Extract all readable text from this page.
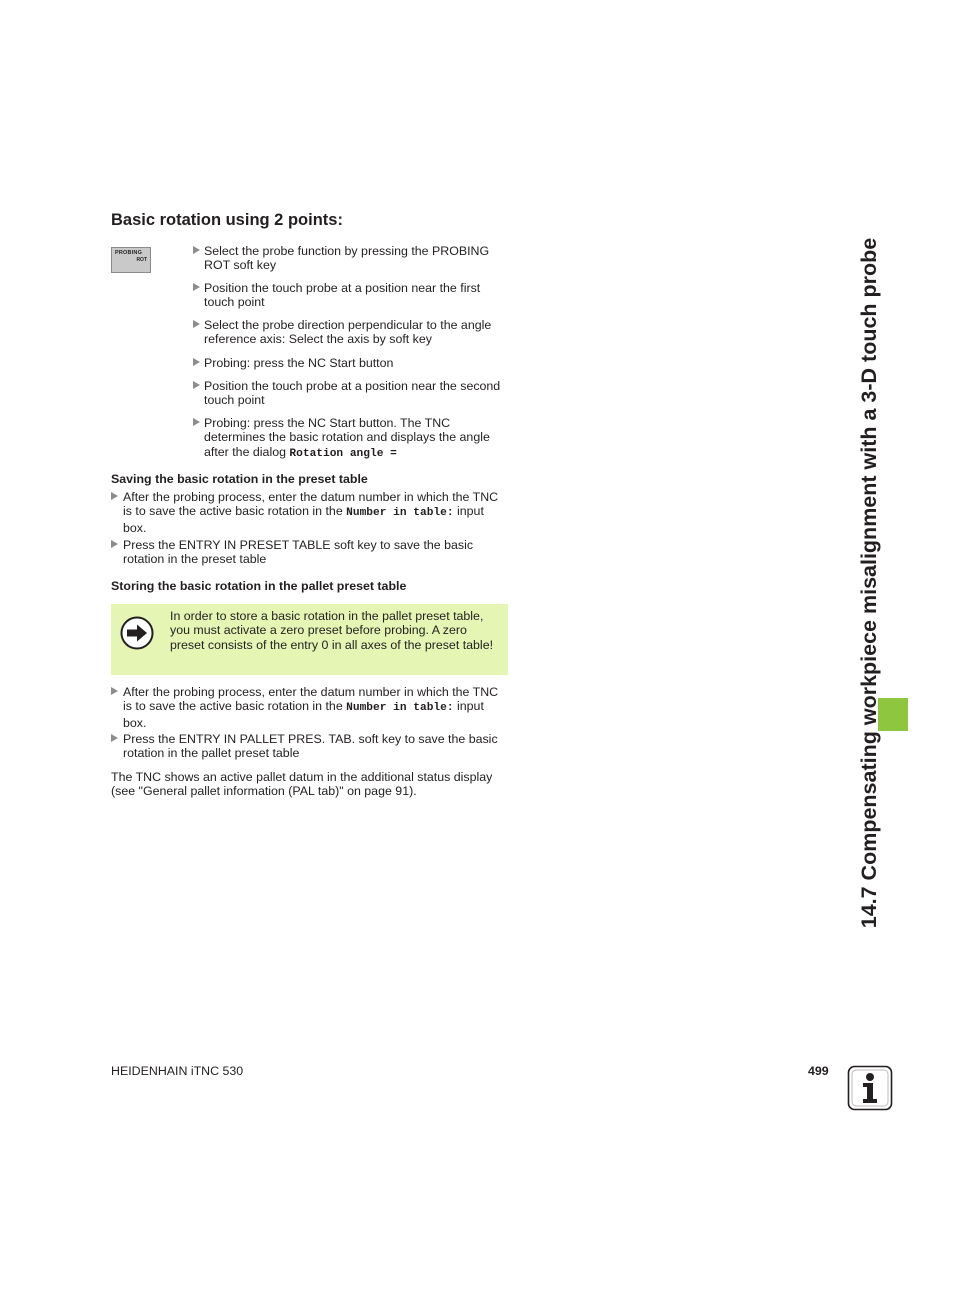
Basic rotation using 2 points:
PROBING
ROT
Select the probe function by pressing the PROBING ROT soft key
Position the touch probe at a position near the first touch point
Select the probe direction perpendicular to the angle reference axis: Select the axis by soft key
Probing: press the NC Start button
Position the touch probe at a position near the second touch point
Probing: press the NC Start button. The TNC determines the basic rotation and displays the angle after the dialog Rotation angle =
Saving the basic rotation in the preset table
After the probing process, enter the datum number in which the TNC is to save the active basic rotation in the Number in table: input box.
Press the ENTRY IN PRESET TABLE soft key to save the basic rotation in the preset table
Storing the basic rotation in the pallet preset table
In order to store a basic rotation in the pallet preset table, you must activate a zero preset before probing. A zero preset consists of the entry 0 in all axes of the preset table!
After the probing process, enter the datum number in which the TNC is to save the active basic rotation in the Number in table: input box.
Press the ENTRY IN PALLET PRES. TAB. soft key to save the basic rotation in the pallet preset table
The TNC shows an active pallet datum in the additional status display (see "General pallet information (PAL tab)" on page 91).	14.7 Compensating workpiece misalignment with a 3-D touch probe
HEIDENHAIN iTNC 530	499
